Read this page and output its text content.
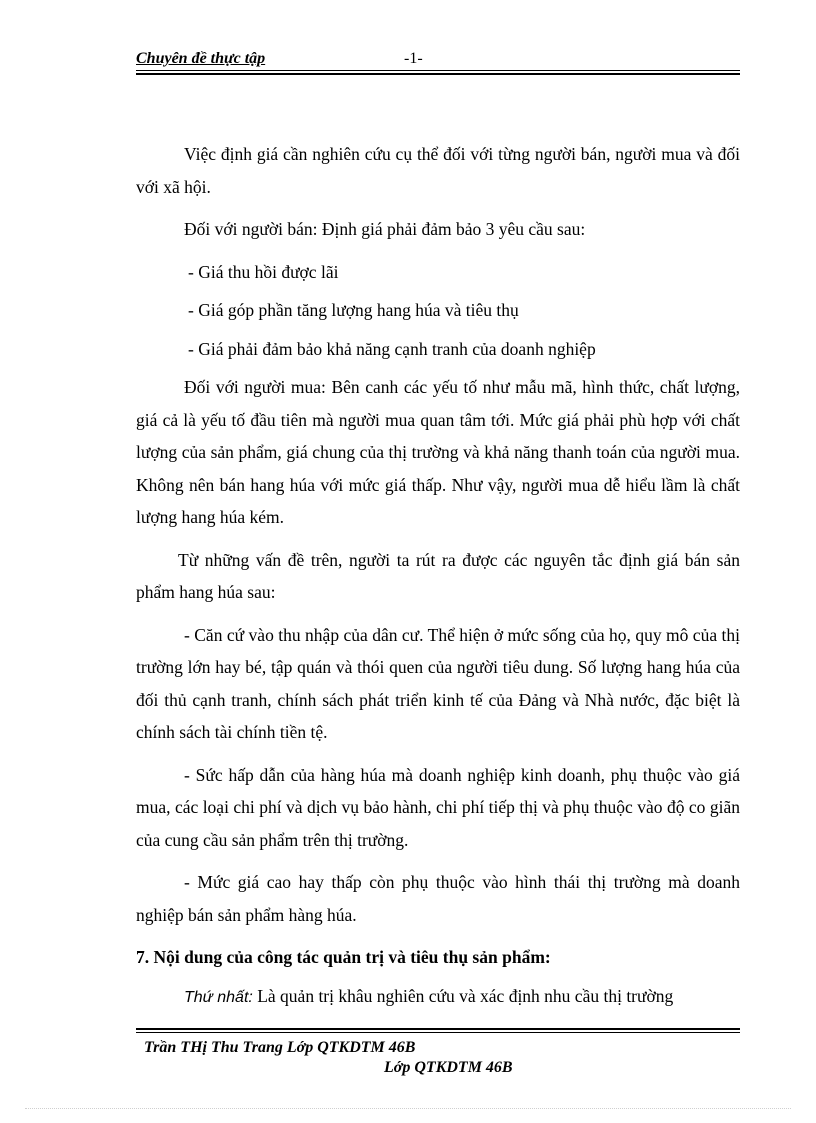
Chuyên đề thực tập	-1-

Việc định giá cần nghiên cứu cụ thể đối với từng người bán, người mua và đối với xã hội.

Đối với người bán: Định giá phải đảm bảo 3 yêu cầu sau:

- Giá thu hồi được lãi

- Giá góp phần tăng lượng hang húa và tiêu thụ

- Giá phải đảm bảo khả năng cạnh tranh của doanh nghiệp

Đối với người mua: Bên canh các yếu tố như mẫu mã, hình thức, chất lượng, giá cả là yếu tố đầu tiên mà người mua quan tâm tới. Mức giá phải phù hợp với chất lượng của sản phẩm, giá chung của thị trường và khả năng thanh toán của người mua. Không nên bán hang húa với mức giá thấp. Như vậy, người mua dễ hiểu lầm là chất lượng hang húa kém.

Từ những vấn đề trên, người ta rút ra được các nguyên tắc định giá bán sản phẩm hang húa sau:

- Căn cứ vào thu nhập của dân cư. Thể hiện ở mức sống của họ, quy mô của thị trường lớn hay bé, tập quán và thói quen của người tiêu dung. Số lượng hang húa của đối thủ cạnh tranh, chính sách phát triển kinh tế của Đảng và Nhà nước, đặc biệt là chính sách tài chính tiền tệ.

- Sức hấp dẫn của hàng húa mà doanh nghiệp kinh doanh, phụ thuộc vào giá mua, các loại chi phí và dịch vụ bảo hành, chi phí tiếp thị và phụ thuộc vào độ co giãn của cung cầu sản phẩm trên thị trường.

- Mức giá cao hay thấp còn phụ thuộc vào hình thái thị trường mà doanh nghiệp bán sản phẩm hàng húa.

7. Nội dung của công tác quản trị và tiêu thụ sản phẩm:

Thứ nhất: Là quản trị khâu nghiên cứu và xác định nhu cầu thị trường

Trần THị Thu Trang Lớp QTKDTM 46B
Lớp QTKDTM 46B
